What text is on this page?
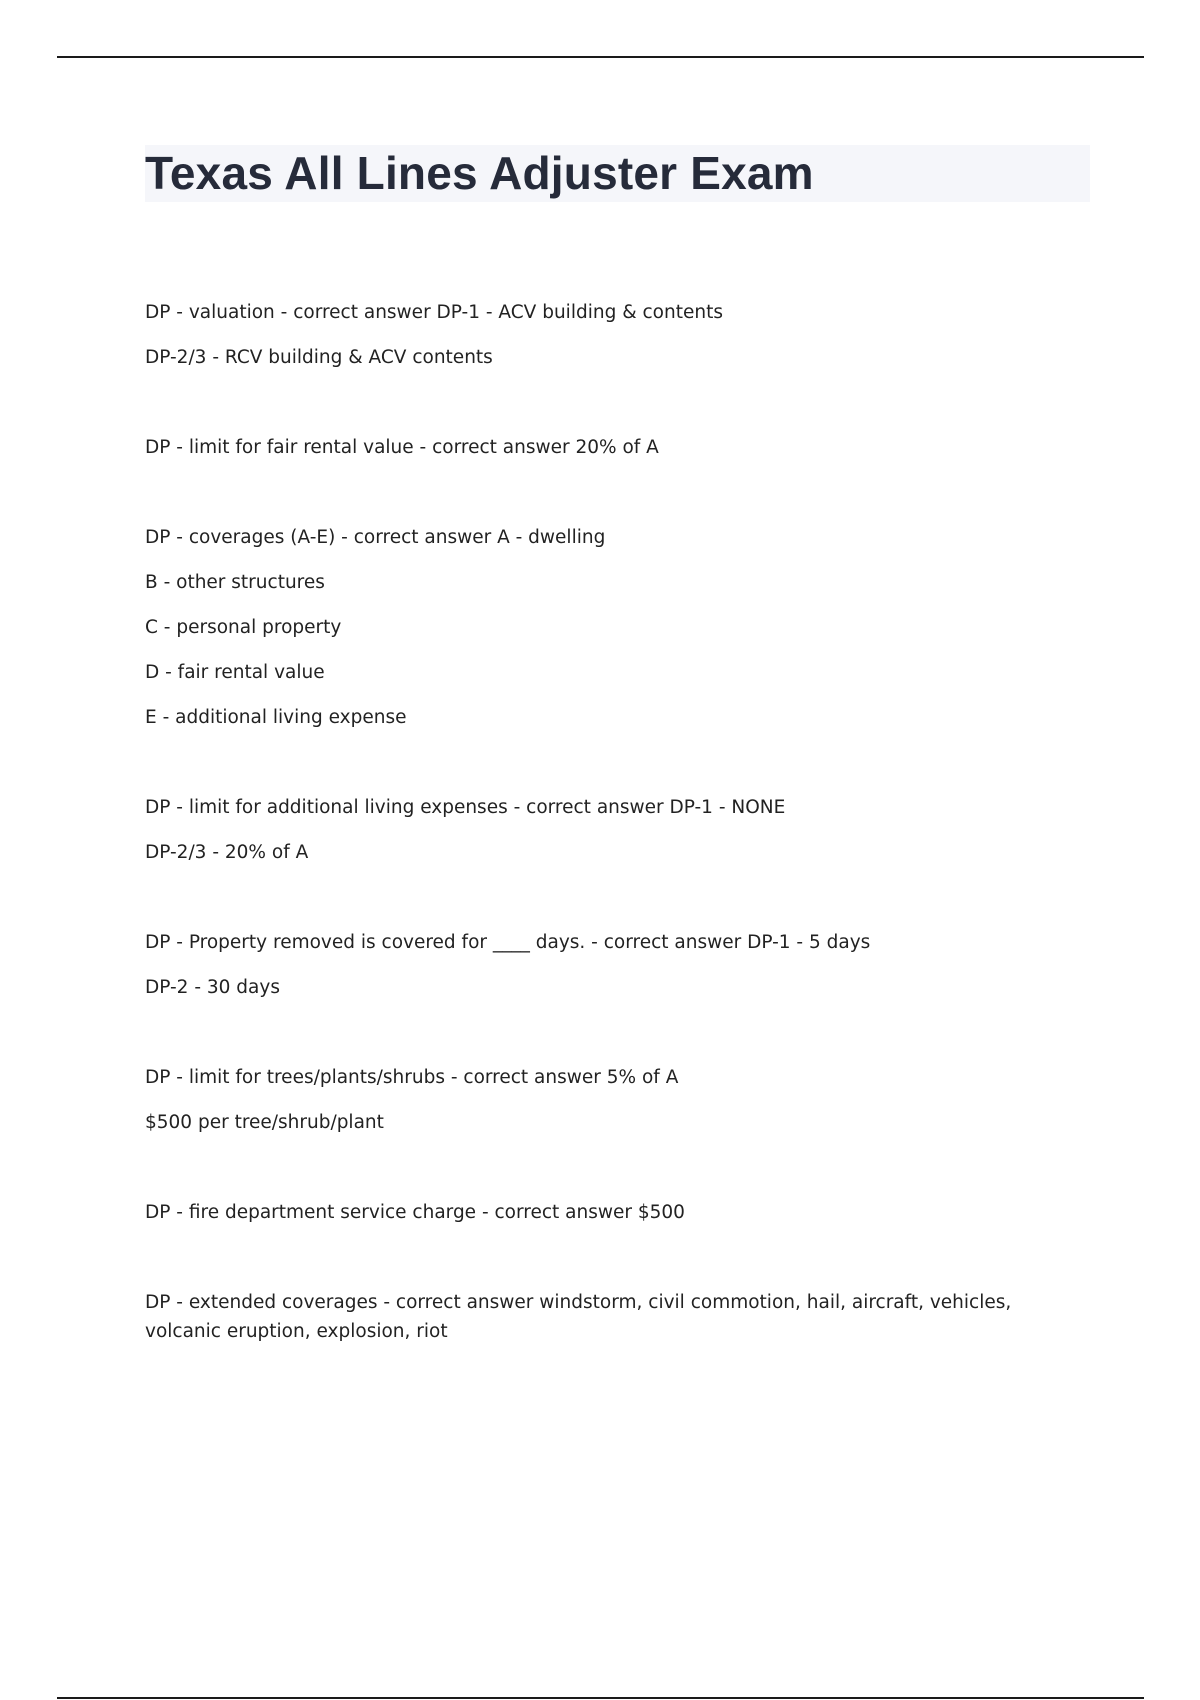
Texas All Lines Adjuster Exam

DP - valuation - correct answer DP-1 - ACV building & contents

DP-2/3 - RCV building & ACV contents

DP - limit for fair rental value - correct answer 20% of A

DP - coverages (A-E) - correct answer A - dwelling

B - other structures

C - personal property

D - fair rental value

E - additional living expense

DP - limit for additional living expenses - correct answer DP-1 - NONE

DP-2/3 - 20% of A

DP - Property removed is covered for ____ days. - correct answer DP-1 - 5 days

DP-2 - 30 days

DP - limit for trees/plants/shrubs - correct answer 5% of A

$500 per tree/shrub/plant

DP - fire department service charge - correct answer $500

DP - extended coverages - correct answer windstorm, civil commotion, hail, aircraft, vehicles, volcanic eruption, explosion, riot
